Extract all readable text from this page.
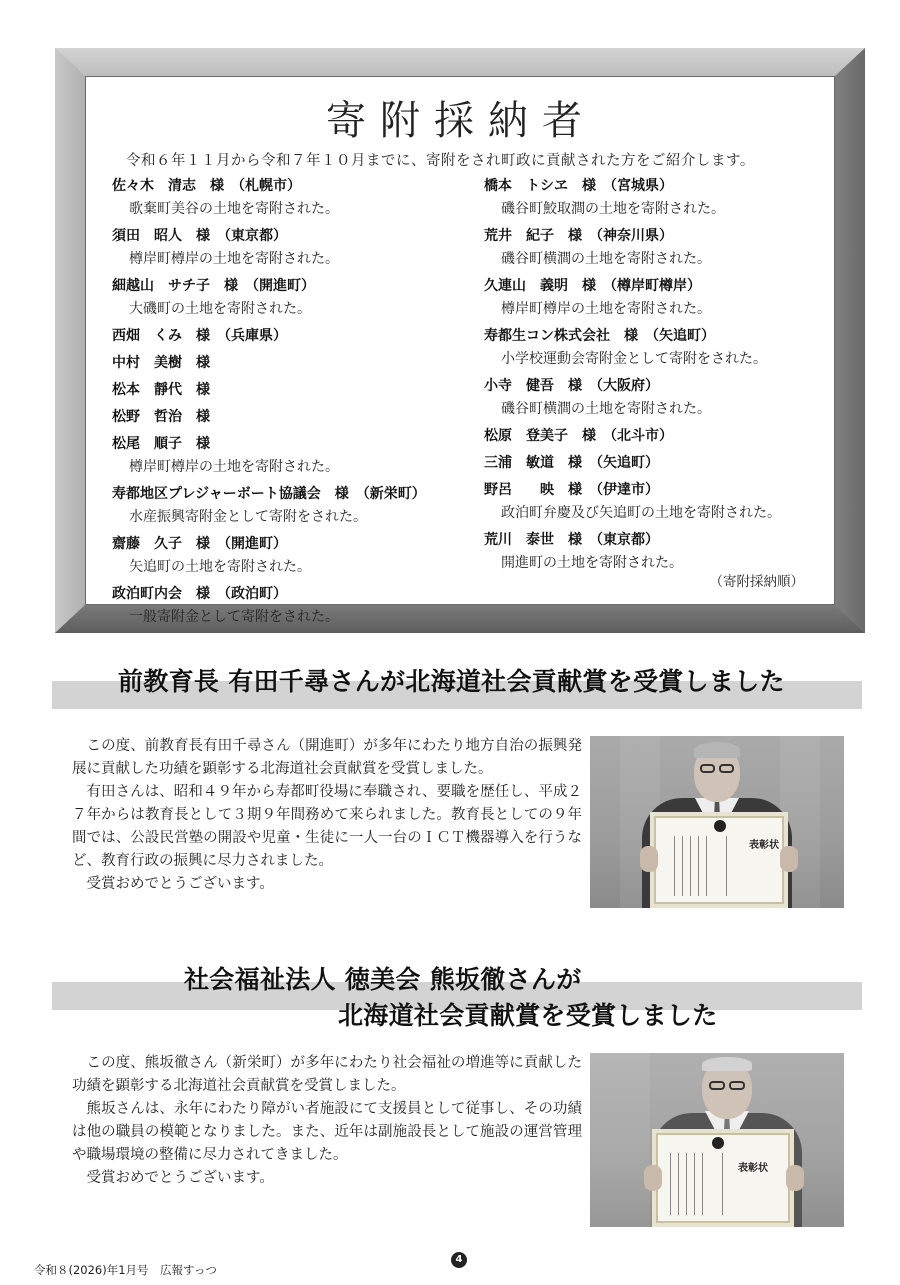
寄附採納者
令和６年１１月から令和７年１０月までに、寄附をされ町政に貢献された方をご紹介します。
佐々木　清志　様　（札幌市）
歌棄町美谷の土地を寄附された。
須田　昭人　様　（東京都）
樽岸町樽岸の土地を寄附された。
細越山　サチ子　様　（開進町）
大磯町の土地を寄附された。
西畑　くみ　様　（兵庫県）
中村　美樹　様
松本　靜代　様
松野　哲治　様
松尾　順子　様
樽岸町樽岸の土地を寄附された。
寿都地区プレジャーボート協議会　様　（新栄町）
水産振興寄附金として寄附をされた。
齋藤　久子　様　（開進町）
矢追町の土地を寄附された。
政泊町内会　様　（政泊町）
一般寄附金として寄附をされた。
橋本　トシヱ　様　（宮城県）
磯谷町鮫取澗の土地を寄附された。
荒井　紀子　様　（神奈川県）
磯谷町横澗の土地を寄附された。
久連山　義明　様　（樽岸町樽岸）
樽岸町樽岸の土地を寄附された。
寿都生コン株式会社　様　（矢追町）
小学校運動会寄附金として寄附をされた。
小寺　健吾　様　（大阪府）
磯谷町横澗の土地を寄附された。
松原　登美子　様　（北斗市）
三浦　敏道　様　（矢追町）
野呂　　映　様　（伊達市）
政泊町弁慶及び矢追町の土地を寄附された。
荒川　泰世　様　（東京都）
開進町の土地を寄附された。
（寄附採納順）
前教育長 有田千尋さんが北海道社会貢献賞を受賞しました

この度、前教育長有田千尋さん（開進町）が多年にわたり地方自治の振興発展に貢献した功績を顕彰する北海道社会貢献賞を受賞しました。

有田さんは、昭和４９年から寿都町役場に奉職され、要職を歴任し、平成２７年からは教育長として３期９年間務めて来られました。教育長としての９年間では、公設民営塾の開設や児童・生徒に一人一台のＩＣＴ機器導入を行うなど、教育行政の振興に尽力されました。

受賞おめでとうございます。

表彰状
社会福祉法人 徳美会 熊坂徹さんが
北海道社会貢献賞を受賞しました

この度、熊坂徹さん（新栄町）が多年にわたり社会福祉の増進等に貢献した功績を顕彰する北海道社会貢献賞を受賞しました。

熊坂さんは、永年にわたり障がい者施設にて支援員として従事し、その功績は他の職員の模範となりました。また、近年は副施設長として施設の運営管理や職場環境の整備に尽力されてきました。

受賞おめでとうございます。

表彰状
令和８(2026)年1月号　広報すっつ
4
